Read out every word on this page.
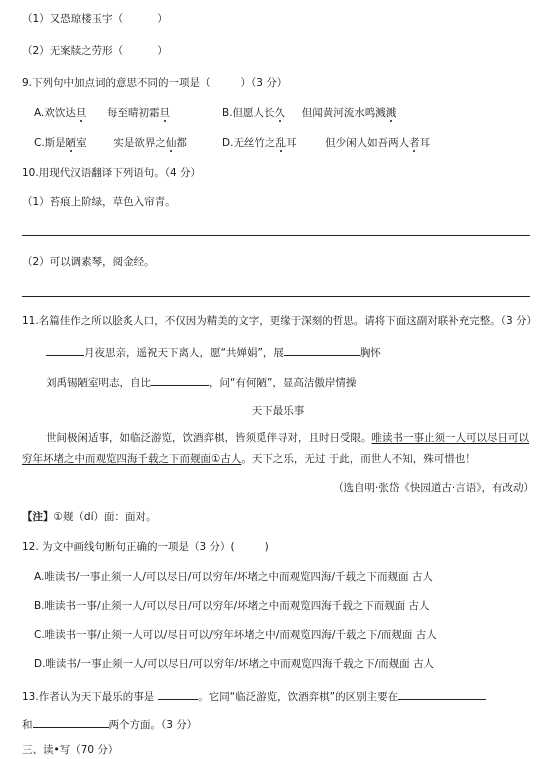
（1）又恐琼楼玉宇（	）
（2）无案牍之劳形（	）
9.下列句中加点词的意思不同的一项是（	）（3 分）
A.欢饮达旦 每至晴初霜旦	B.但愿人长久 但闻黄河流水鸣溅溅
C.斯是陋室	实是欲界之仙都	D.无丝竹之乱耳	但少闲人如吾两人者耳
10.用现代汉语翻译下列语句。（4 分）
（1）苔痕上阶绿，草色入帘青。
（2）可以调素琴，阅金经。
11.名篇佳作之所以脍炙人口，不仅因为精美的文字，更缘于深刻的哲思。请将下面这副对联补充完整。（3 分）
月夜思亲，遥祝天下离人，愿“共婵娟”，展	胸怀
刘禹锡陋室明志，自比	，问“有何陋”，显高洁傲岸情操
天下最乐事
世间极闲适事，如临泛游览，饮酒弈棋，皆须觅伴寻对，且时日受限。唯读书一事止须一人可以尽日可以
穷年坏堵之中而观览四海千载之下而觌面①古人。天下之乐，无过 于此，而世人不知，殊可惜也！
（选自明·张岱《快园道古·言语》，有改动）
【注】①觌（dí）面：面对。
12. 为文中画线句断句正确的一项是（3 分）(	)
A.唯读书/一事止须一人/可以尽日/可以穷年/坏堵之中而观览四海/千载之下而觌面 古人
B.唯读书一事/止须一人/可以尽日/可以穷年/坏堵之中而观览四海千载之下而觌面 古人
C.唯读书一事/止须一人可以/尽日可以/穷年坏堵之中/而观览四海/千载之下/而觌面 古人
D.唯读书/一事止须一人/可以尽日/可以穷年/坏堵之中而观览四海千载之下/而觌面 古人
13.作者认为天下最乐的事是	。它同“临泛游览，饮酒弈棋”的区别主要在
和	两个方面。（3 分）
三、读•写（70 分）
